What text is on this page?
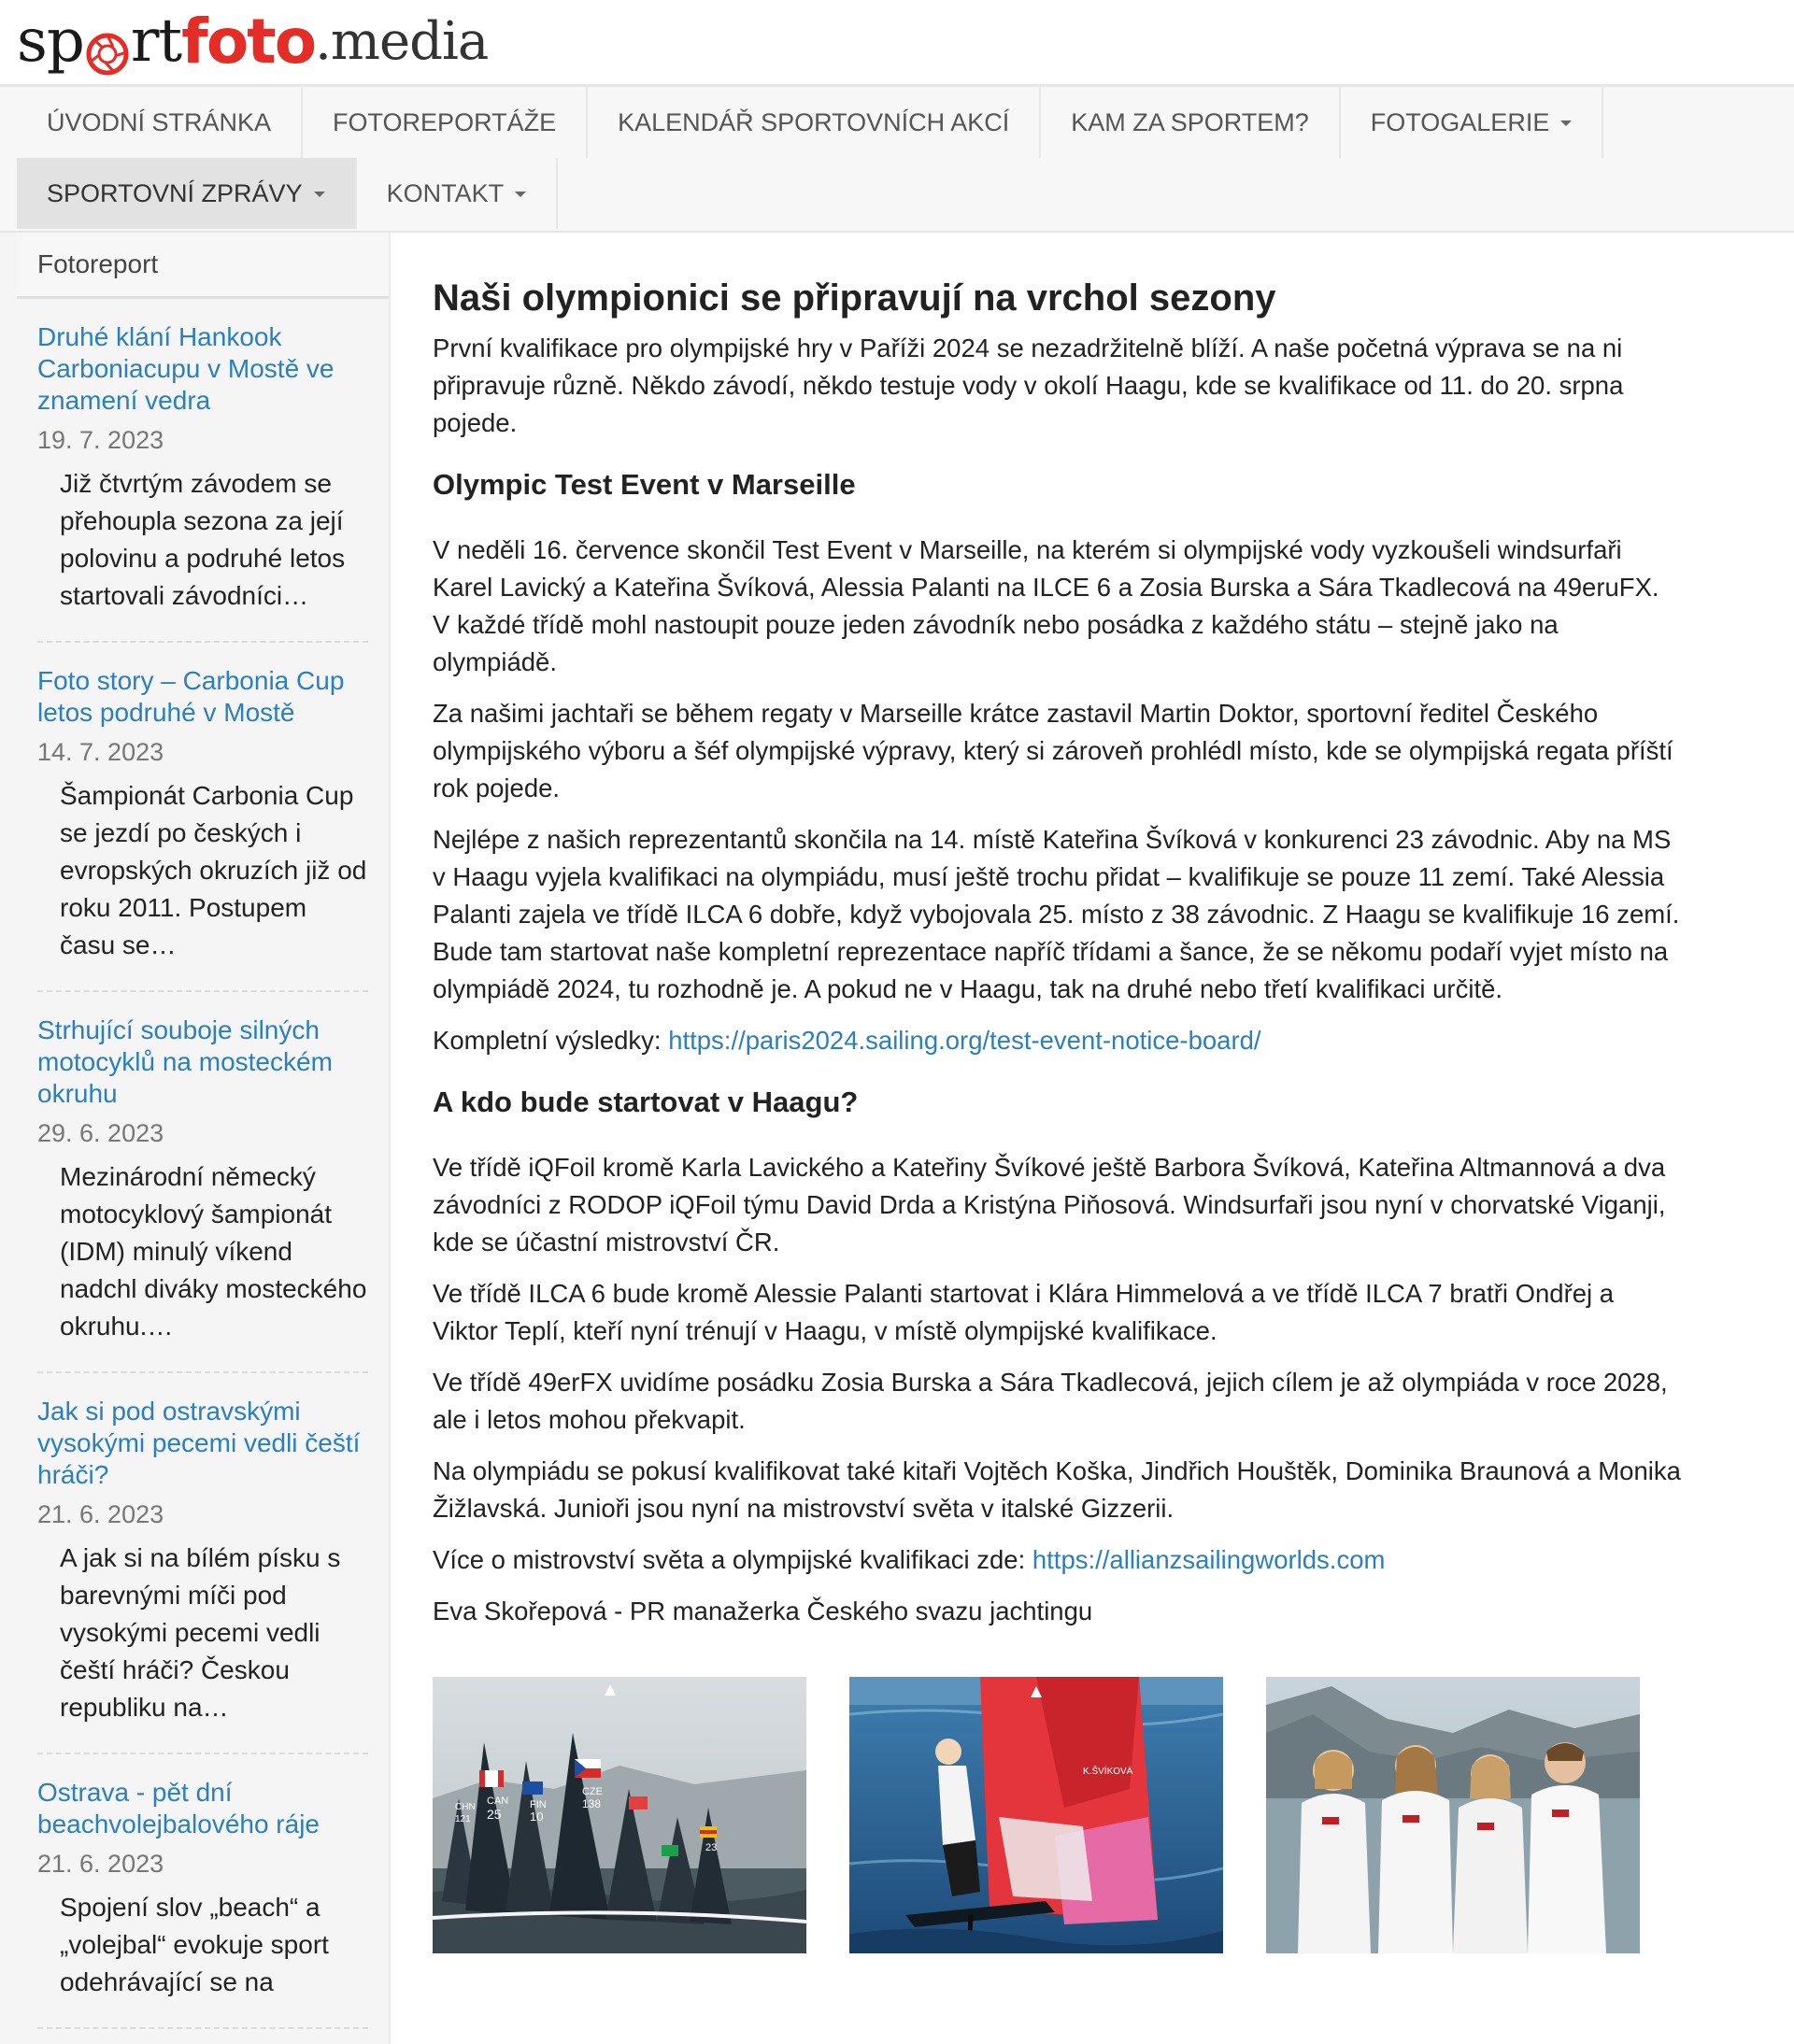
sp rt foto .media
ÚVODNÍ STRÁNKA FOTOREPORTÁŽE KALENDÁŘ SPORTOVNÍCH AKCÍ KAM ZA SPORTEM? FOTOGALERIE
SPORTOVNÍ ZPRÁVY	KONTAKT
Fotoreport
Druhé klání Hankook Carboniacupu v Mostě ve znamení vedra
19. 7. 2023
Již čtvrtým závodem se přehoupla sezona za její polovinu a podruhé letos startovali závodníci…
Foto story – Carbonia Cup letos podruhé v Mostě
14. 7. 2023
Šampionát Carbonia Cup se jezdí po českých i evropských okruzích již od roku 2011. Postupem času se…
Strhující souboje silných motocyklů na mosteckém okruhu
29. 6. 2023
Mezinárodní německý motocyklový šampionát (IDM) minulý víkend nadchl diváky mosteckého okruhu.…
Jak si pod ostravskými vysokými pecemi vedli čeští hráči?
21. 6. 2023
A jak si na bílém písku s barevnými míči pod vysokými pecemi vedli čeští hráči? Českou republiku na…
Ostrava - pět dní beachvolejbalového ráje
21. 6. 2023
Spojení slov „beach“ a „volejbal“ evokuje sport odehrávající se na
Naši olympionici se připravují na vrchol sezony

První kvalifikace pro olympijské hry v Paříži 2024 se nezadržitelně blíží. A naše početná výprava se na ni připravuje různě. Někdo závodí, někdo testuje vody v okolí Haagu, kde se kvalifikace od 11. do 20. srpna pojede.

Olympic Test Event v Marseille

V neděli 16. července skončil Test Event v Marseille, na kterém si olympijské vody vyzkoušeli windsurfaři Karel Lavický a Kateřina Švíková, Alessia Palanti na ILCE 6 a Zosia Burska a Sára Tkadlecová na 49eruFX. V každé třídě mohl nastoupit pouze jeden závodník nebo posádka z každého státu – stejně jako na olympiádě.

Za našimi jachtaři se během regaty v Marseille krátce zastavil Martin Doktor, sportovní ředitel Českého olympijského výboru a šéf olympijské výpravy, který si zároveň prohlédl místo, kde se olympijská regata příští rok pojede.

Nejlépe z našich reprezentantů skončila na 14. místě Kateřina Švíková v konkurenci 23 závodnic. Aby na MS v Haagu vyjela kvalifikaci na olympiádu, musí ještě trochu přidat – kvalifikuje se pouze 11 zemí. Také Alessia Palanti zajela ve třídě ILCA 6 dobře, když vybojovala 25. místo z 38 závodnic. Z Haagu se kvalifikuje 16 zemí. Bude tam startovat naše kompletní reprezentace napříč třídami a šance, že se někomu podaří vyjet místo na olympiádě 2024, tu rozhodně je. A pokud ne v Haagu, tak na druhé nebo třetí kvalifikaci určitě.

Kompletní výsledky: https://paris2024.sailing.org/test-event-notice-board/

A kdo bude startovat v Haagu?

Ve třídě iQFoil kromě Karla Lavického a Kateřiny Švíkové ještě Barbora Švíková, Kateřina Altmannová a dva závodníci z RODOP iQFoil týmu David Drda a Kristýna Piňosová. Windsurfaři jsou nyní v chorvatské Viganji, kde se účastní mistrovství ČR.

Ve třídě ILCA 6 bude kromě Alessie Palanti startovat i Klára Himmelová a ve třídě ILCA 7 bratři Ondřej a Viktor Teplí, kteří nyní trénují v Haagu, v místě olympijské kvalifikace.

Ve třídě 49erFX uvidíme posádku Zosia Burska a Sára Tkadlecová, jejich cílem je až olympiáda v roce 2028, ale i letos mohou překvapit.

Na olympiádu se pokusí kvalifikovat také kitaři Vojtěch Koška, Jindřich Houštěk, Dominika Braunová a Monika Žižlavská. Junioři jsou nyní na mistrovství světa v italské Gizzerii.

Více o mistrovství světa a olympijské kvalifikaci zde: https://allianzsailingworlds.com

Eva Skořepová - PR manažerka Českého svazu jachtingu

CHN
121
CAN
25
FIN
10
CZE
138
23
K.ŠVÍKOVÁ
